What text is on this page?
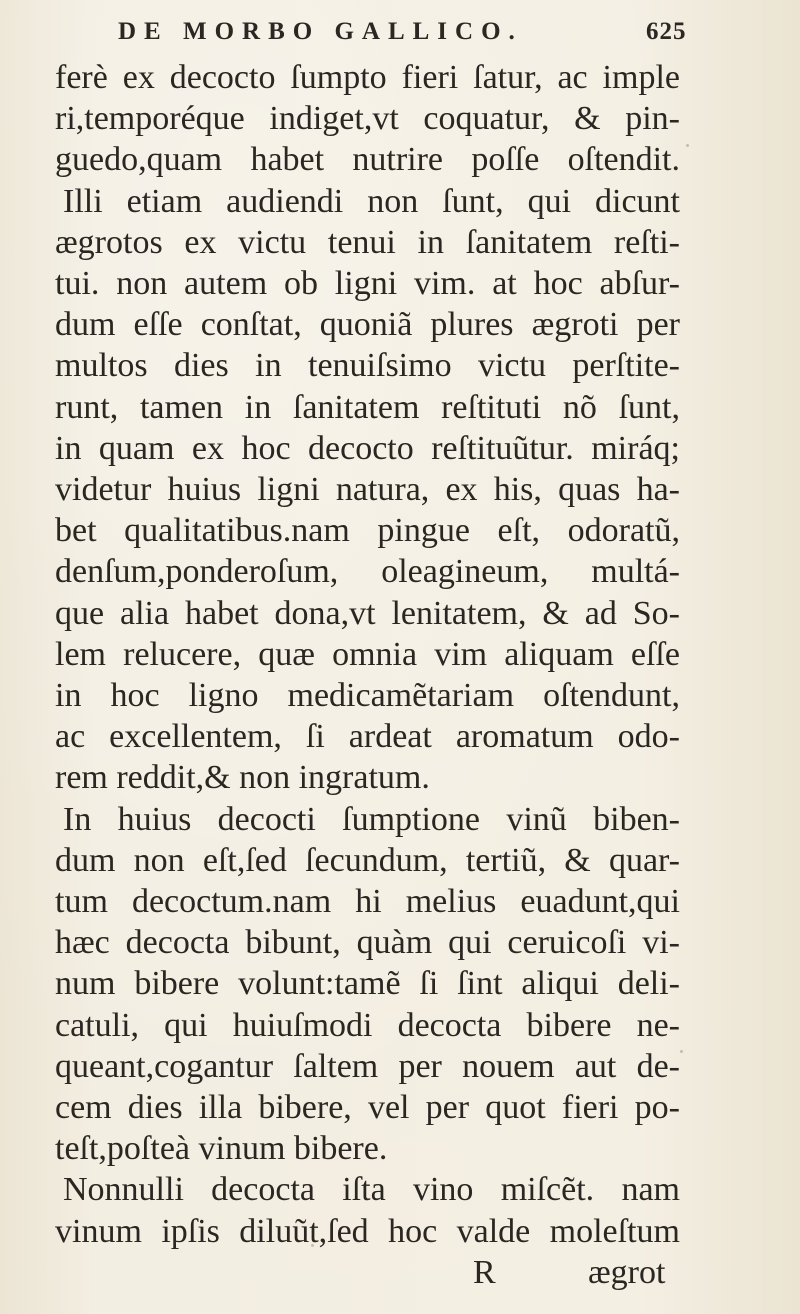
DE MORBO GALLICO.	625
ferè ex decocto ſumpto fieri ſatur, ac imple
ri,temporéque indiget,vt coquatur, & pin-
guedo,quam habet nutrire poſſe oſtendit.
Illi etiam audiendi non ſunt, qui dicunt
ægrotos ex victu tenui in ſanitatem reſti-
tui. non autem ob ligni vim. at hoc abſur-
dum eſſe conſtat, quoniã plures ægroti per
multos dies in tenuiſsimo victu perſtite-
runt, tamen in ſanitatem reſtituti nõ ſunt,
in quam ex hoc decocto reſtituũtur. miráq;
videtur huius ligni natura, ex his, quas ha-
bet qualitatibus.nam pingue eſt, odoratũ,
denſum,ponderoſum, oleagineum, multá-
que alia habet dona,vt lenitatem, & ad So-
lem relucere, quæ omnia vim aliquam eſſe
in hoc ligno medicamẽtariam oſtendunt,
ac excellentem, ſi ardeat aromatum odo-
rem reddit,& non ingratum.
In huius decocti ſumptione vinũ biben-
dum non eſt,ſed ſecundum, tertiũ, & quar-
tum decoctum.nam hi melius euadunt,qui
hæc decocta bibunt, quàm qui ceruicoſi vi-
num bibere volunt:tamẽ ſi ſint aliqui deli-
catuli, qui huiuſmodi decocta bibere ne-
queant,cogantur ſaltem per nouem aut de-
cem dies illa bibere, vel per quot fieri po-
teſt,poſteà vinum bibere.
Nonnulli decocta iſta vino miſcẽt. nam
vinum ipſis diluũt,ſed hoc valde moleſtum
R	ægrot
